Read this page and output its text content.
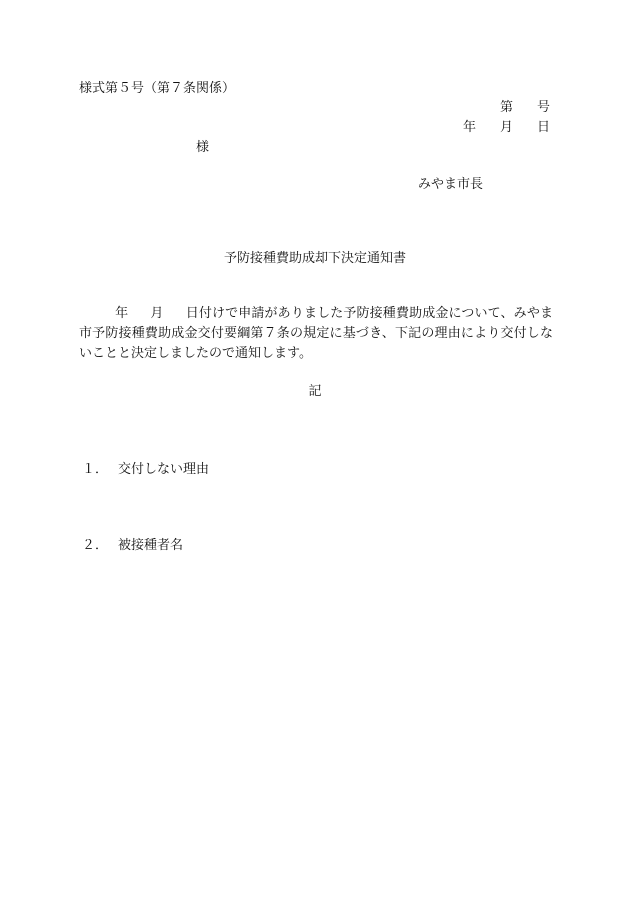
様式第５号（第７条関係）
第 号
年 月 日
様
みやま市長
予防接種費助成却下決定通知書
年 月 日付けで申請がありました予防接種費助成金について、みやま市予防接種費助成金交付要綱第７条の規定に基づき、下記の理由により交付しないことと決定しましたので通知します。
記
１． 交付しない理由
２． 被接種者名
